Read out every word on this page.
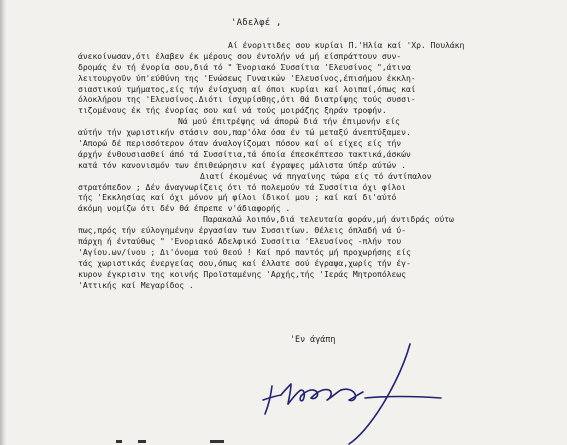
'Αδελφέ ,
Αί ένοριτιδες σου κυρίαι Π.'Ηλία καί 'Χρ. Πουλάκη
άνεκοίνωσαν,ότι έλαβεν έκ μέρους σου έντολήν νά μή είσπράττουν συν-
δρομάς έν τή ένορία σου,διά τό " Ένοριακό Συσσίτια 'Ελευσίνος ",άτινα
λειτουργοῦν ύπ'εύθύνη της 'Ενώσεως Γυναικών 'Ελευσίνος,έπισήμου έκκλη-
σιαστικού τμήματος,είς τήν ένίσχυση αί όποι κυρίαι καί λοιπαί,όπως καί
όλοκλήρου της 'Ελευσίνος.Διότι ίσχυρίσθης,ότι θά διατρίψης τούς συσσι-
τιζομένους έκ τής ένορίας σου καί νά τούς μοιράζης ξηράν τροφήν.
Νά μού έπιτρέψης νά άπορώ διά τήν έπιμονήν είς
αύτήν τήν χωριστικήν στάσιν σου,παρ'όλα όσα έν τώ μεταξύ άνεπτύξαμεν.
'Απορώ δέ περισσότερον όταν άναλογίζομαι πόσον καί οί είχες είς τήν
άρχήν ένθουσιασθεί άπό τά Συσσίτια,τά όποία έπεσκέπτεσο τακτικά,άσκών
κατά τόν κανονισμόν των έπιθεώρησιν καί έγραψες μάλιστα ύπέρ αύτών .
Διατί έκομένως νά πηγαίνης τώρα είς τό άντίπαλον
στρατόπεδον ; Δέν άναγνωρίζεις ότι τό πολεμούν τά Συσσίτια όχι φίλοι
τής 'Εκκλησίας καί όχι μόνον μή φίλοι ίδικοί μου ; καί καί δι'αύτό
άκόμη νομίζω ότι δέν θά έπρεπε ν'άδιαφορής .
Παρακαλώ λοιπόν,διά τελευταία φοράν,μή άντιδράς ούτω
πως,πρός τήν εύλογημένην έργασίαν των Συσσιτίων. Θέλεις όπλαδή νά ύ-
πάρχη ή ένταύθως " 'Ενοριακό Αδελφικό Συσσίτια 'Ελευσίνος -πλήν του
'Αγίου.ων/ίνου ; Δι'όνομα τού Θεού ! Καί πρό παντός μή προχωρήσης είς
τάς χωριστικάς ένεργείας σου,όπως καί έλλατε σού έγραψα,χωρίς τήν έγ-
κυρον έγκρισιν της κοινής Προϊσταμένης 'Αρχής,τής 'Ιεράς Μητροπόλεως
'Αττικής καί Μεγαρίδος .
'Εν άγάπη
